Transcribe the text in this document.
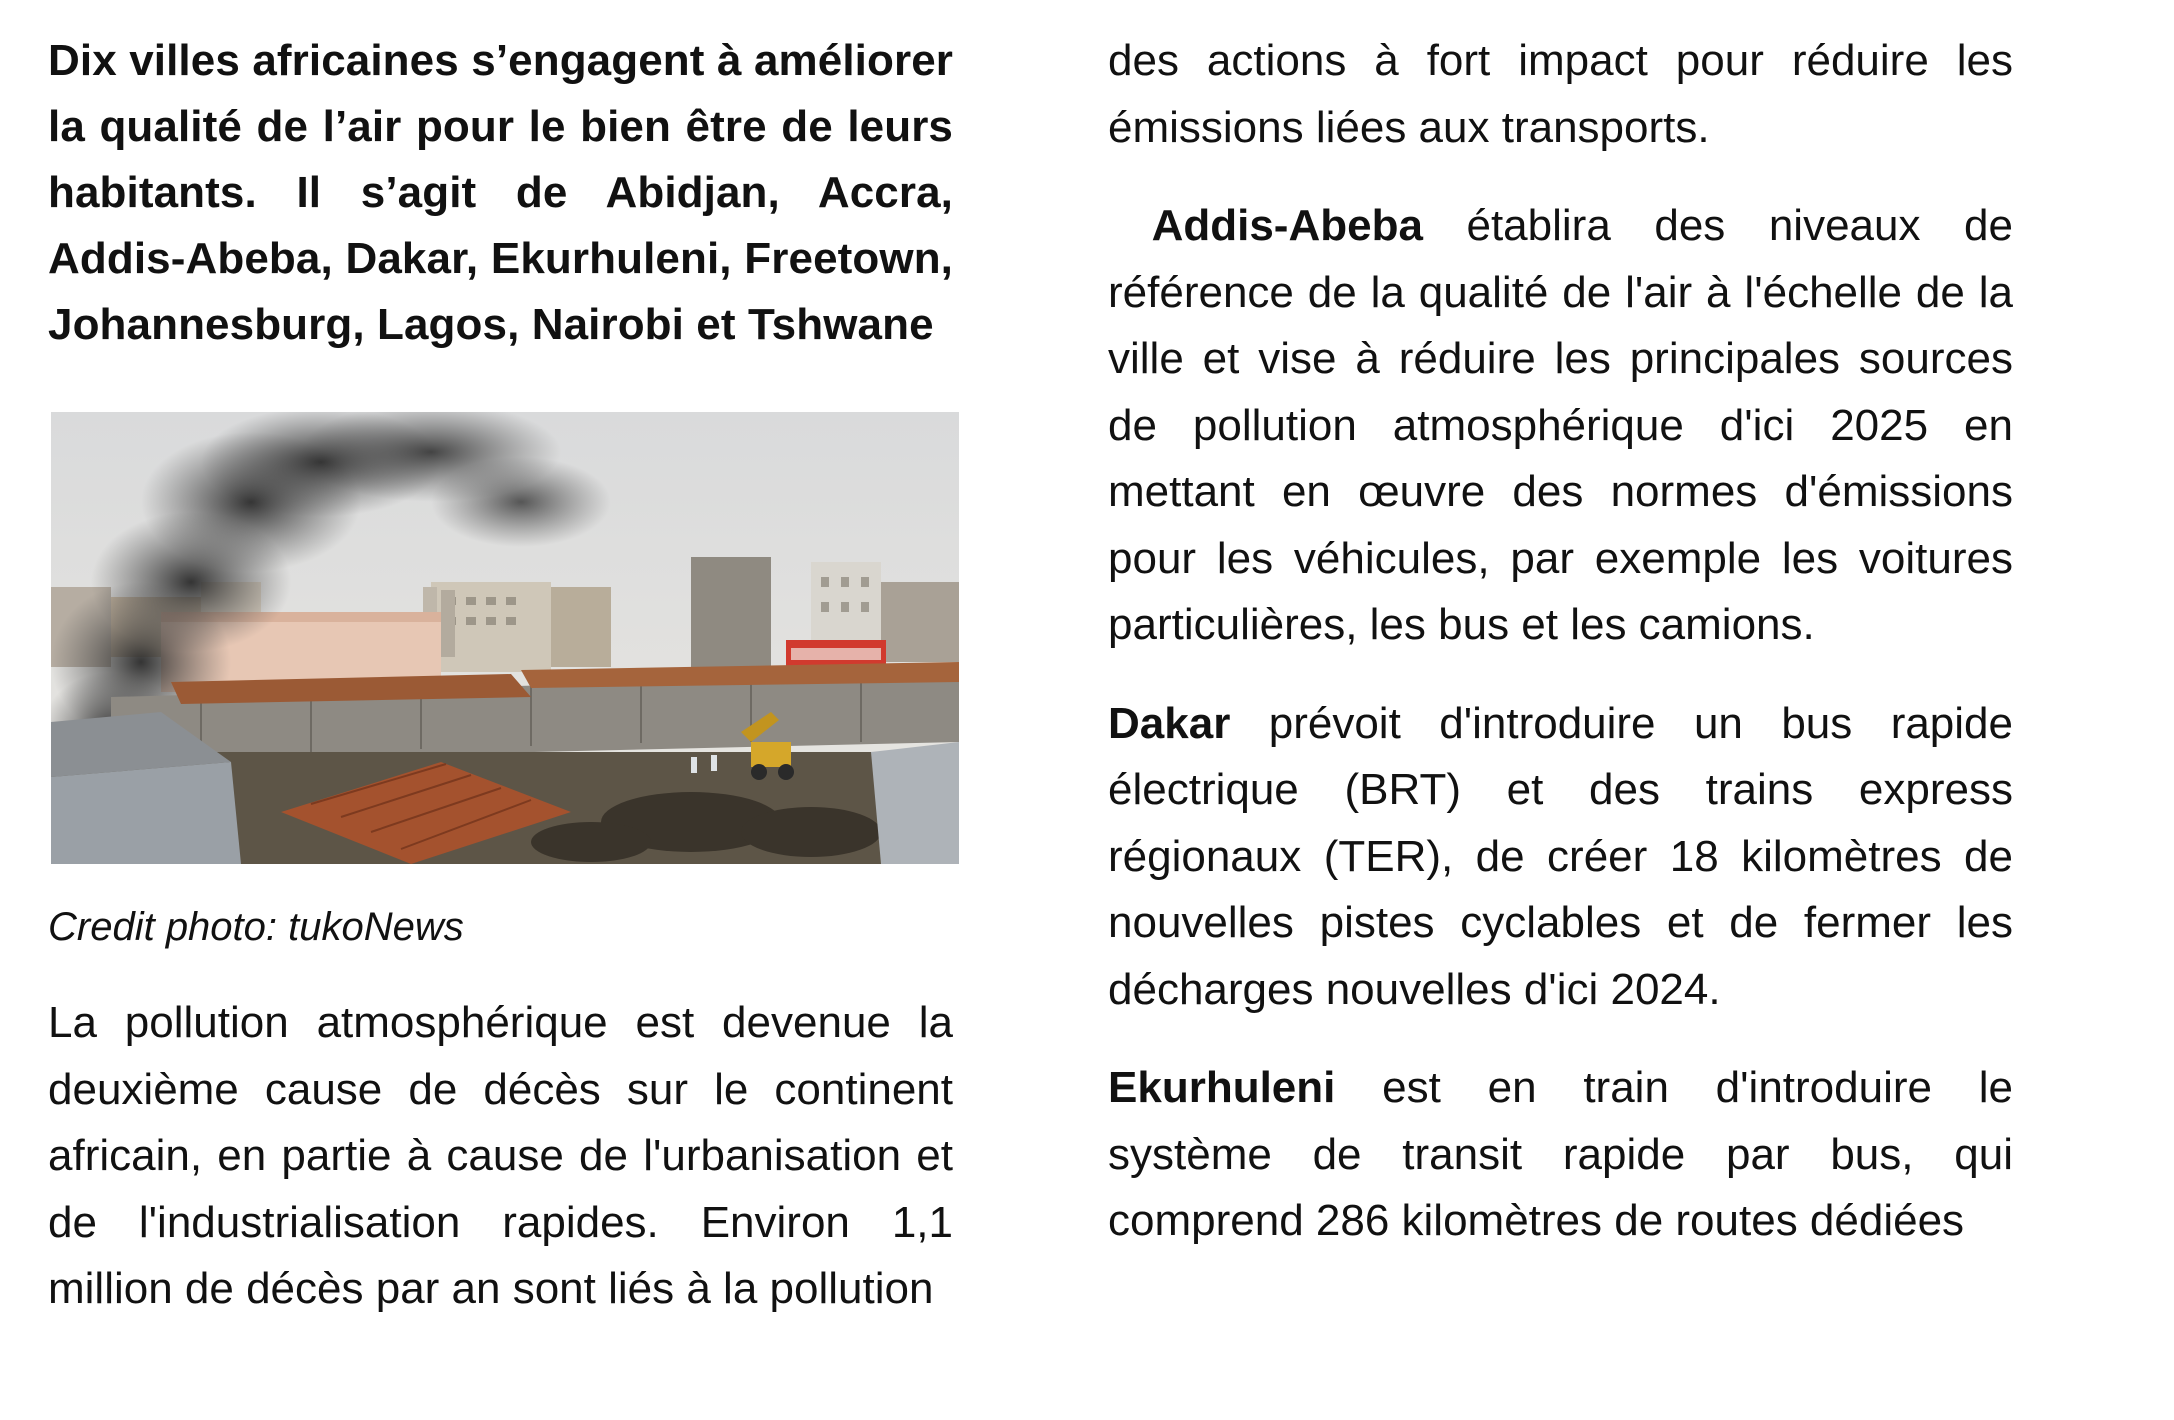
Dix villes africaines s’engagent à améliorer la qualité de l’air pour le bien être de leurs habitants. Il s’agit de Abidjan, Accra, Addis-Abeba, Dakar, Ekurhuleni, Freetown, Johannesburg, Lagos, Nairobi et Tshwane

Credit photo: tukoNews

La pollution atmosphérique est devenue la deuxième cause de décès sur le continent africain, en partie à cause de l'urbanisation et de l'industrialisation rapides. Environ 1,1 million de décès par an sont liés à la pollution

des actions à fort impact pour réduire les émissions liées aux transports.

Addis-Abeba établira des niveaux de référence de la qualité de l'air à l'échelle de la ville et vise à réduire les principales sources de pollution atmosphérique d'ici 2025 en mettant en œuvre des normes d'émissions pour les véhicules, par exemple les voitures particulières, les bus et les camions.

Dakar prévoit d'introduire un bus rapide électrique (BRT) et des trains express régionaux (TER), de créer 18 kilomètres de nouvelles pistes cyclables et de fermer les décharges nouvelles d'ici 2024.

Ekurhuleni est en train d'introduire le système de transit rapide par bus, qui comprend 286 kilomètres de routes dédiées
